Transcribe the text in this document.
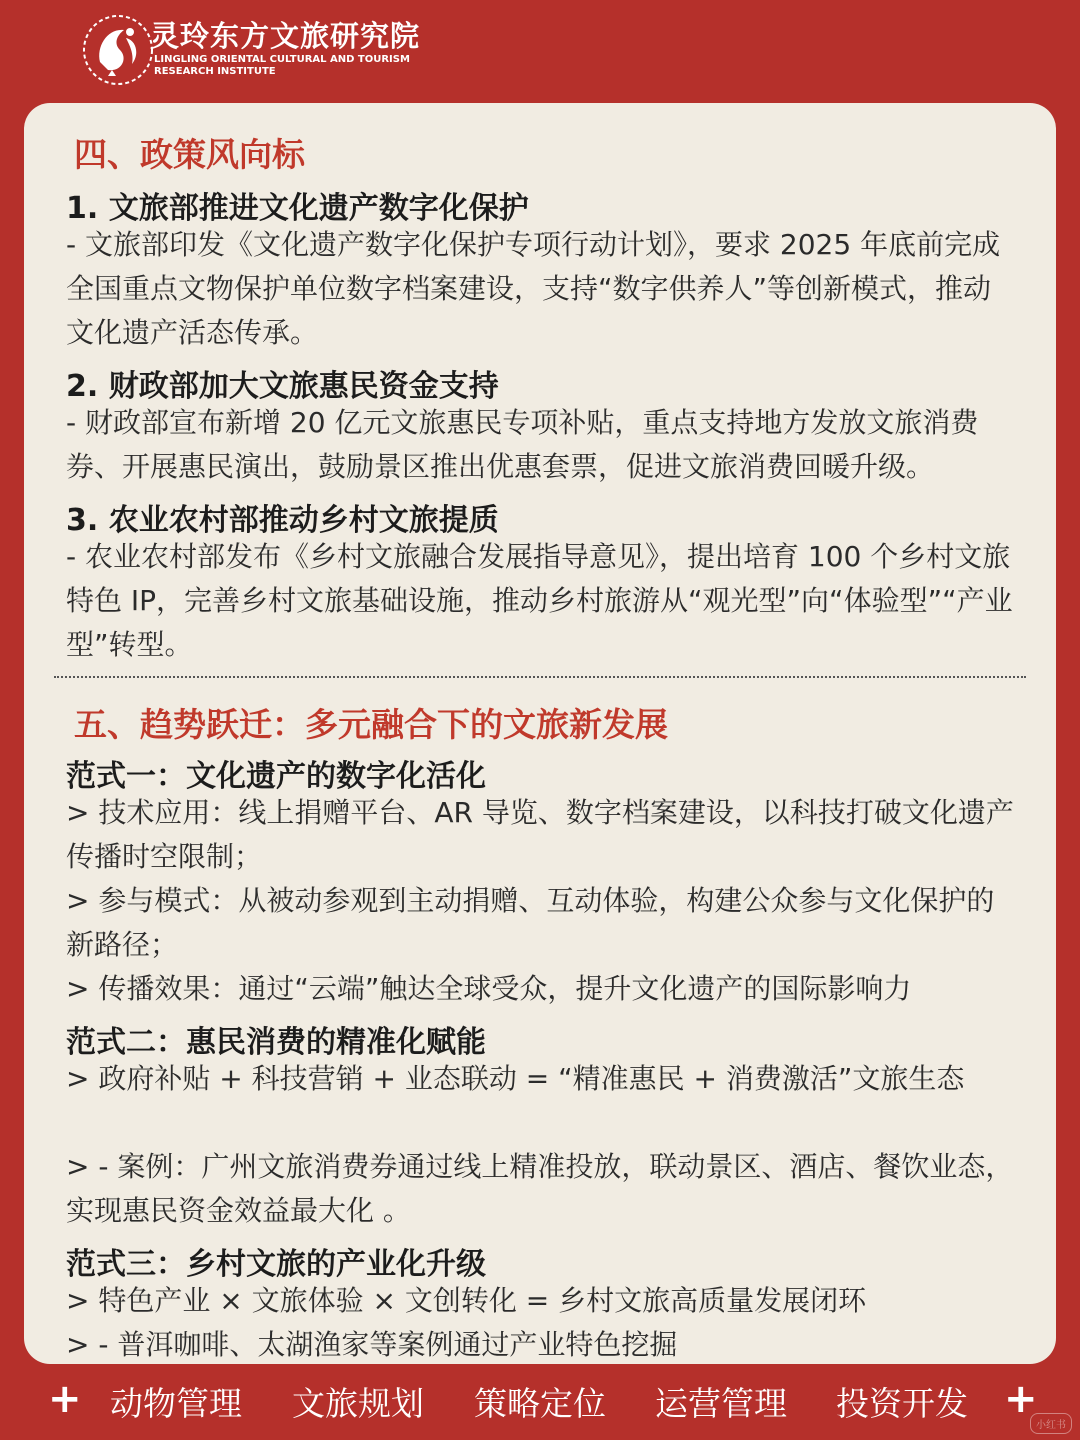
灵玲东方文旅研究院
LINGLING ORIENTAL CULTURAL AND TOURISM
RESEARCH INSTITUTE
四、政策风向标
1. 文旅部推进文化遗产数字化保护

- 文旅部印发《文化遗产数字化保护专项行动计划》，要求 2025 年底前完成全国重点文物保护单位数字档案建设，支持“数字供养人”等创新模式，推动文化遗产活态传承。

2. 财政部加大文旅惠民资金支持

- 财政部宣布新增 20 亿元文旅惠民专项补贴，重点支持地方发放文旅消费券、开展惠民演出，鼓励景区推出优惠套票，促进文旅消费回暖升级。

3. 农业农村部推动乡村文旅提质

- 农业农村部发布《乡村文旅融合发展指导意见》，提出培育 100 个乡村文旅特色 IP，完善乡村文旅基础设施，推动乡村旅游从“观光型”向“体验型”“产业型”转型。

五、趋势跃迁：多元融合下的文旅新发展
范式一：文化遗产的数字化活化

> 技术应用：线上捐赠平台、AR 导览、数字档案建设，以科技打破文化遗产传播时空限制；

> 参与模式：从被动参观到主动捐赠、互动体验，构建公众参与文化保护的新路径；

> 传播效果：通过“云端”触达全球受众，提升文化遗产的国际影响力

范式二：惠民消费的精准化赋能

> 政府补贴 + 科技营销 + 业态联动 = “精准惠民 + 消费激活”文旅生态

> - 案例：广州文旅消费券通过线上精准投放，联动景区、酒店、餐饮业态，实现惠民资金效益最大化 。

范式三：乡村文旅的产业化升级

> 特色产业 × 文旅体验 × 文创转化 = 乡村文旅高质量发展闭环

> - 普洱咖啡、太湖渔家等案例通过产业特色挖掘

+ 动物管理 文旅规划 策略定位 运营管理 投资开发 +
小红书
